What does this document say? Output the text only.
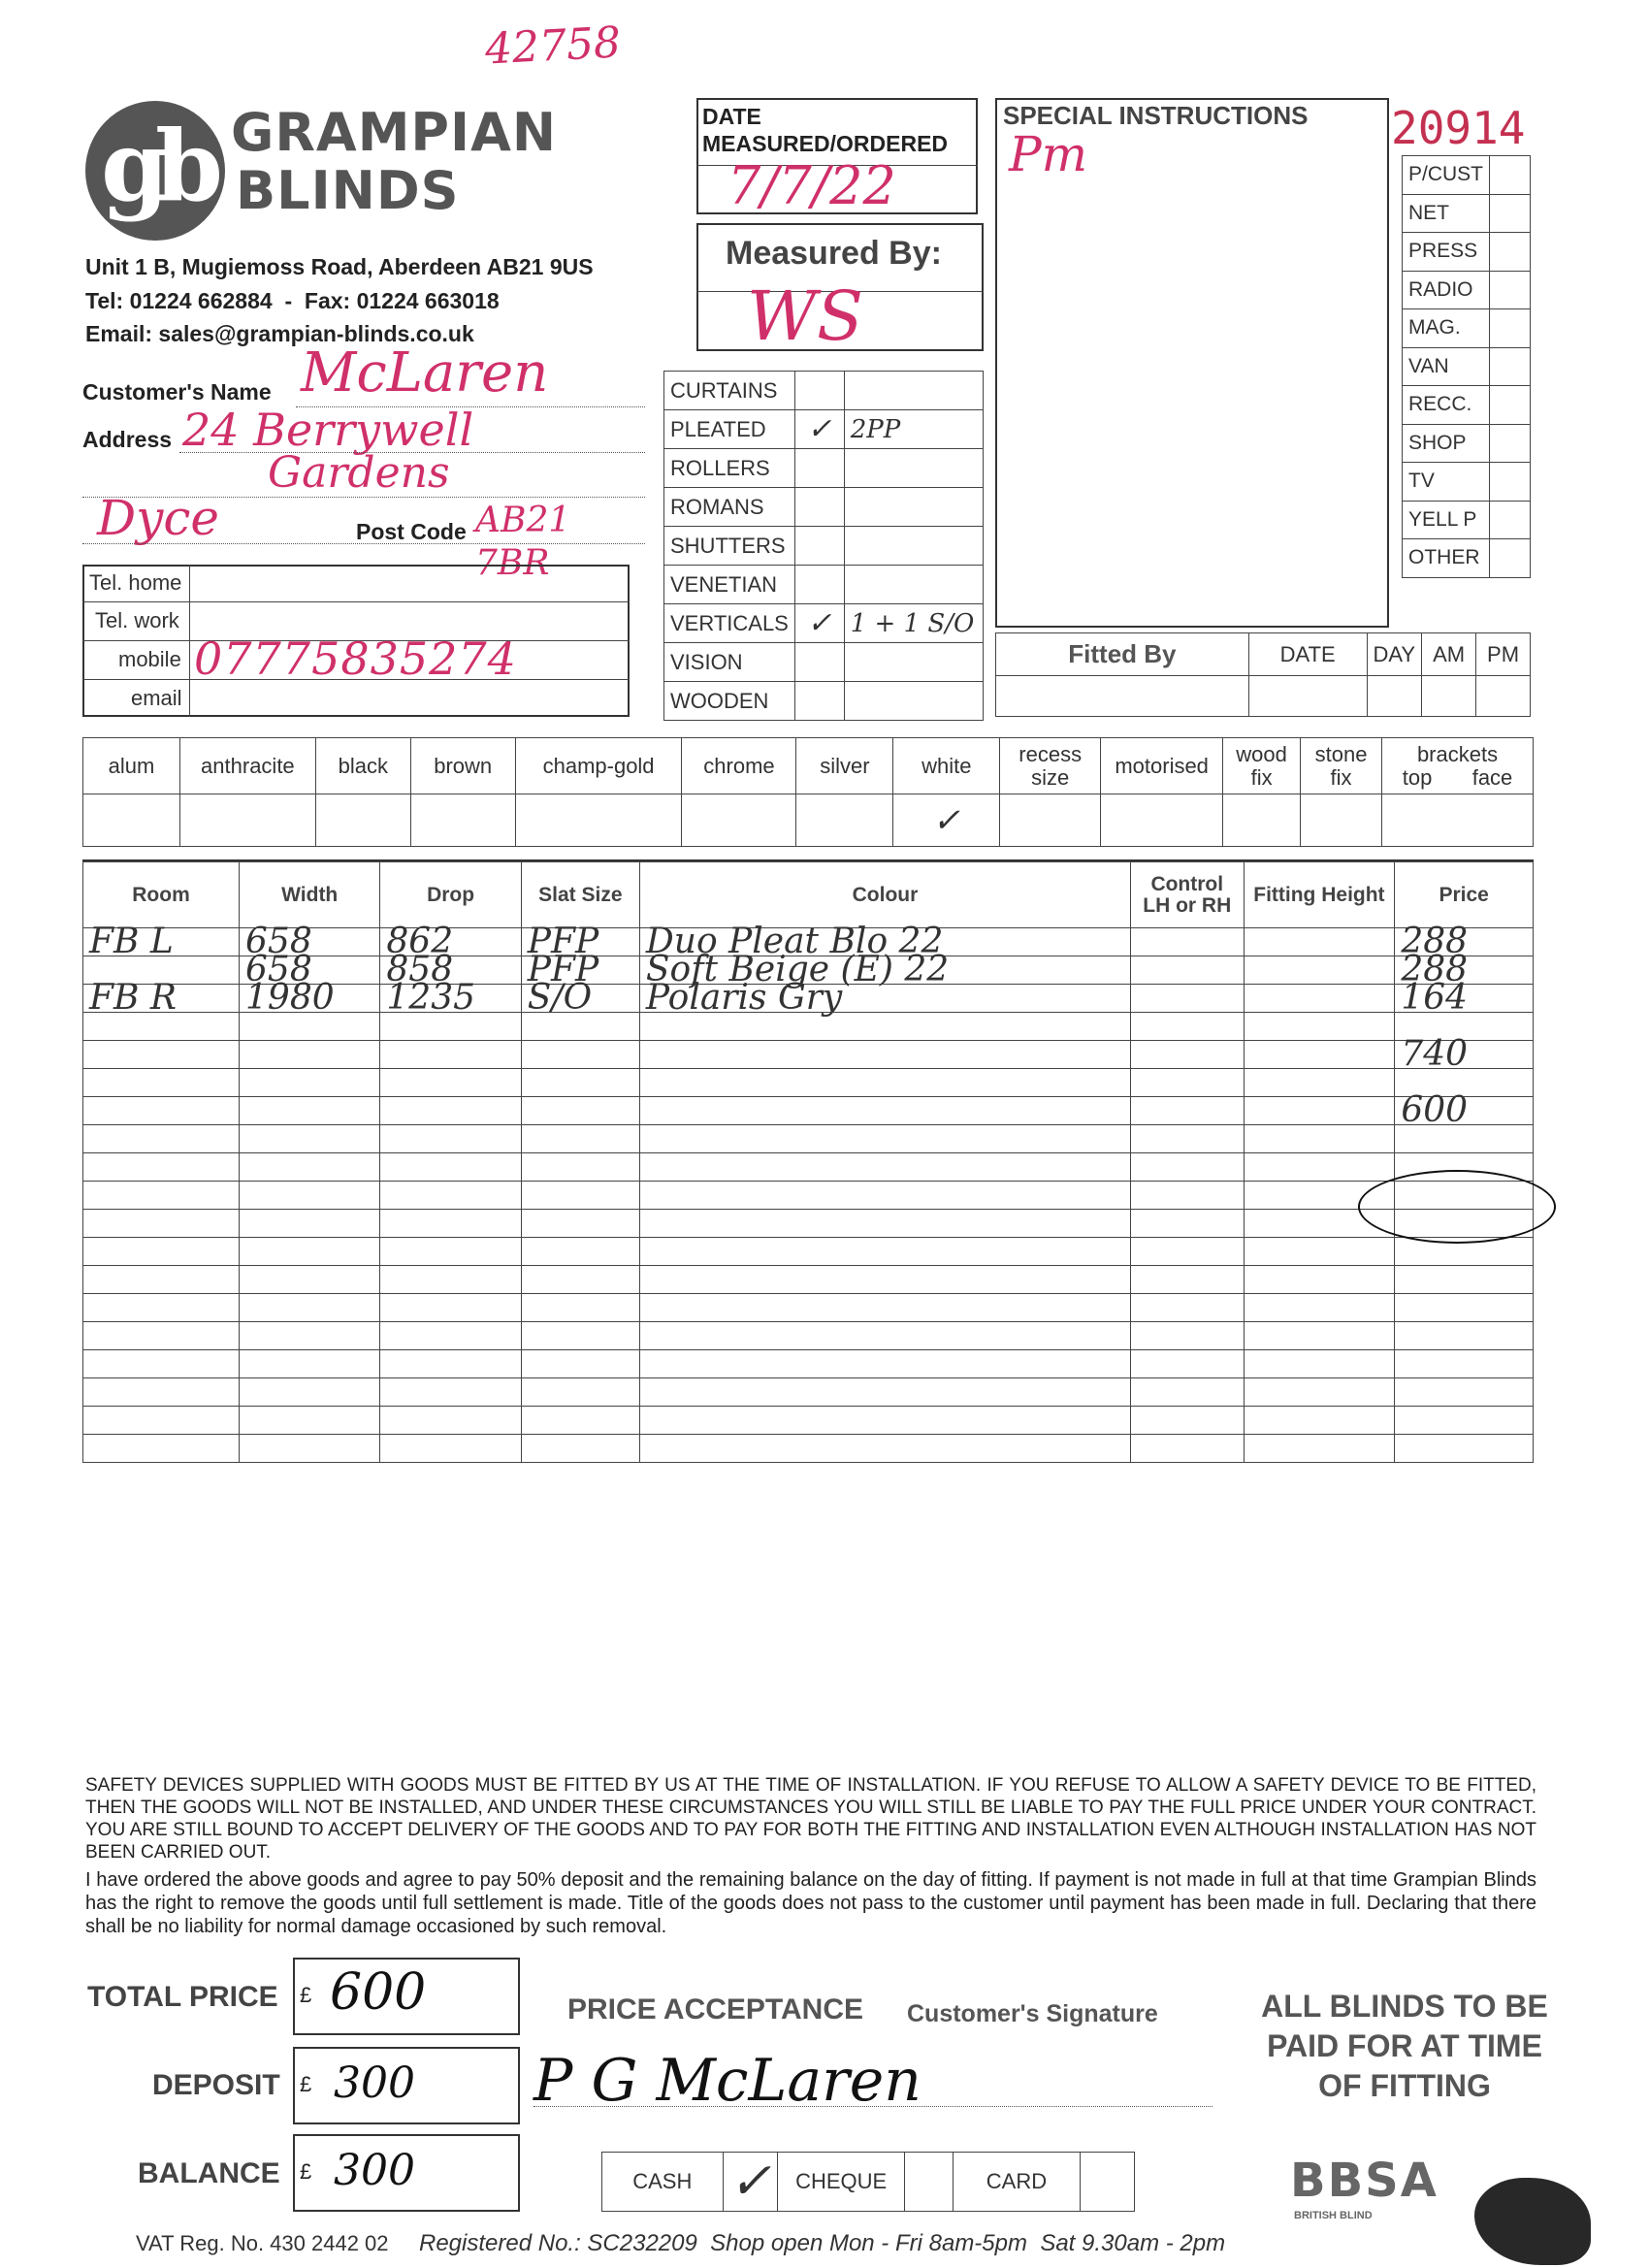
42758
gb GRAMPIAN
BLINDS
Unit 1 B, Mugiemoss Road, Aberdeen AB21 9US
Tel: 01224 662884  -  Fax: 01224 663018
Email: sales@grampian-blinds.co.uk
Customer's Name McLaren
Address 24 Berrywell
Gardens
Dyce	Post Code AB21 7BR
Tel. home
Tel. work
mobile 07775835274
email
DATE MEASURED/ORDERED
7/7/22
Measured By:
WS
CURTAINS		
PLEATED	✓	2PP
ROLLERS		
ROMANS		
SHUTTERS		
VENETIAN		
VERTICALS	✓	1 + 1 S/O
VISION		
WOODEN		
SPECIAL INSTRUCTIONS
Pm	20914
P/CUST	
NET	
PRESS	
RADIO	
MAG.	
VAN	
RECC.	
SHOP	
TV	
YELL P	
OTHER	
Fitted By	DATE	DAY	AM	PM

alum	anthracite	black	brown	champ-gold	chrome	silver	white	recess size	motorised	wood fix	stone fix	brackets
top face

							✓					
Room	Width	Drop	Slat Size	Colour	Control LH or RH	Fitting Height	Price
FB L	658	862	PFP	Duo Pleat Blo 22			288
	658	858	PFP	Soft Beige (E) 22			288
FB R	1980	1235	S/O	Polaris Gry			164

							740

							600

SAFETY DEVICES SUPPLIED WITH GOODS MUST BE FITTED BY US AT THE TIME OF INSTALLATION. IF YOU REFUSE TO ALLOW A SAFETY DEVICE TO BE FITTED, THEN THE GOODS WILL NOT BE INSTALLED, AND UNDER THESE CIRCUMSTANCES YOU WILL STILL BE LIABLE TO PAY THE FULL PRICE UNDER YOUR CONTRACT. YOU ARE STILL BOUND TO ACCEPT DELIVERY OF THE GOODS AND TO PAY FOR BOTH THE FITTING AND INSTALLATION EVEN ALTHOUGH INSTALLATION HAS NOT BEEN CARRIED OUT.
I have ordered the above goods and agree to pay 50% deposit and the remaining balance on the day of fitting. If payment is not made in full at that time Grampian Blinds has the right to remove the goods until full settlement is made. Title of the goods does not pass to the customer until payment has been made in full. Declaring that there shall be no liability for normal damage occasioned by such removal.
TOTAL PRICE £ 600
DEPOSIT £ 300
BALANCE £ 300
PRICE ACCEPTANCE Customer's Signature
P G McLaren
CASH	✓	CHEQUE		CARD	
ALL BLINDS TO BE PAID FOR AT TIME OF FITTING
BBSA
BRITISH BLIND
VAT Reg. No. 430 2442 02 Registered No.: SC232209  Shop open Mon - Fri 8am-5pm  Sat 9.30am - 2pm
